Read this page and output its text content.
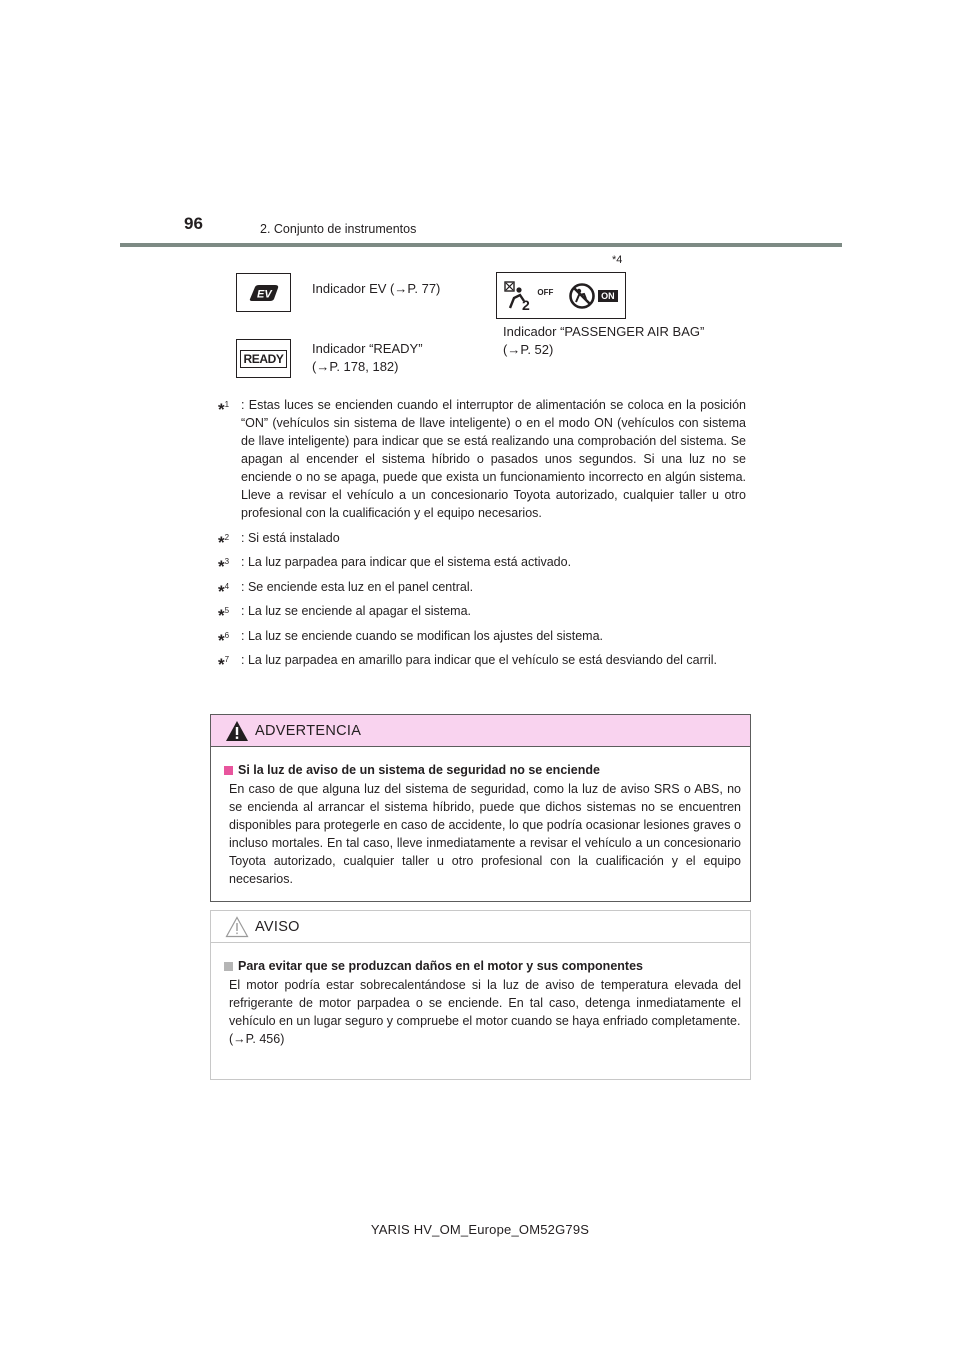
96	2. Conjunto de instrumentos
EV	Indicador EV (→P. 77)
READY
Indicador “READY”
(→P. 178, 182)
*4
2
OFF	ON
Indicador “PASSENGER AIR BAG”
(→P. 52)
*$^1$ : Estas luces se encienden cuando el interruptor de alimentación se coloca en la posición “ON” (vehículos sin sistema de llave inteligente) o en el modo ON (vehículos con sistema de llave inteligente) para indicar que se está realizando una comprobación del sistema. Se apagan al encender el sistema híbrido o pasados unos segundos. Si una luz no se enciende o no se apaga, puede que exista un funcionamiento incorrecto en algún sistema. Lleve a revisar el vehículo a un concesionario Toyota autorizado, cualquier taller u otro profesional con la cualificación y el equipo necesarios.
*$^2$ : Si está instalado
*$^3$ : La luz parpadea para indicar que el sistema está activado.
*$^4$ : Se enciende esta luz en el panel central.
*$^5$ : La luz se enciende al apagar el sistema.
*$^6$ : La luz se enciende cuando se modifican los ajustes del sistema.
*$^7$ : La luz parpadea en amarillo para indicar que el vehículo se está desviando del carril.
ADVERTENCIA
Si la luz de aviso de un sistema de seguridad no se enciende
En caso de que alguna luz del sistema de seguridad, como la luz de aviso SRS o ABS, no se encienda al arrancar el sistema híbrido, puede que dichos sistemas no se encuentren disponibles para protegerle en caso de accidente, lo que podría ocasionar lesiones graves o incluso mortales. En tal caso, lleve inmediatamente a revisar el vehículo a un concesionario Toyota autorizado, cualquier taller u otro profesional con la cualificación y el equipo necesarios.
AVISO
Para evitar que se produzcan daños en el motor y sus componentes
El motor podría estar sobrecalentándose si la luz de aviso de temperatura elevada del refrigerante de motor parpadea o se enciende. En tal caso, detenga inmediatamente el vehículo en un lugar seguro y compruebe el motor cuando se haya enfriado completamente.
(→P. 456)
YARIS HV_OM_Europe_OM52G79S
